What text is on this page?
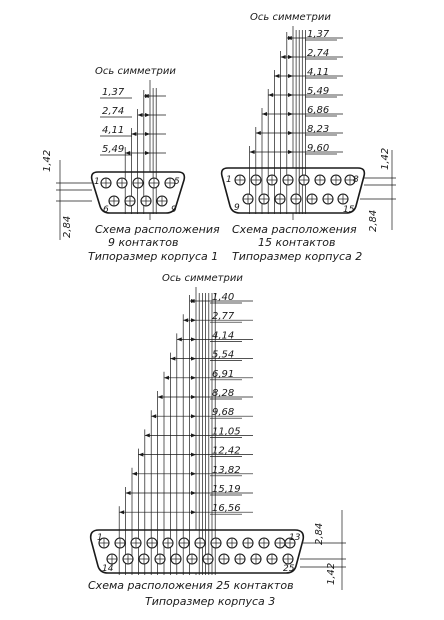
Ось симметрии
1,37
2,74
4,11
5,49
1	5
6	9
1,42
2,84 Схема расположения
9 контактов
Типоразмер корпуса 1
Ось симметрии
1,37
2,74
4,11
5,49
6,86
8,23
9,60
1	8
9	15
1,42
2,84
Схема расположения
15 контактов
Типоразмер корпуса 2
Ось симметрии
1,40
2,77
4,14
5,54
6,91
8,28
9,68
11,05
12,42
13,82
15,19
16,56
1	13
14	25
2,84
1,42
Схема расположения 25 контактов
Типоразмер корпуса 3
